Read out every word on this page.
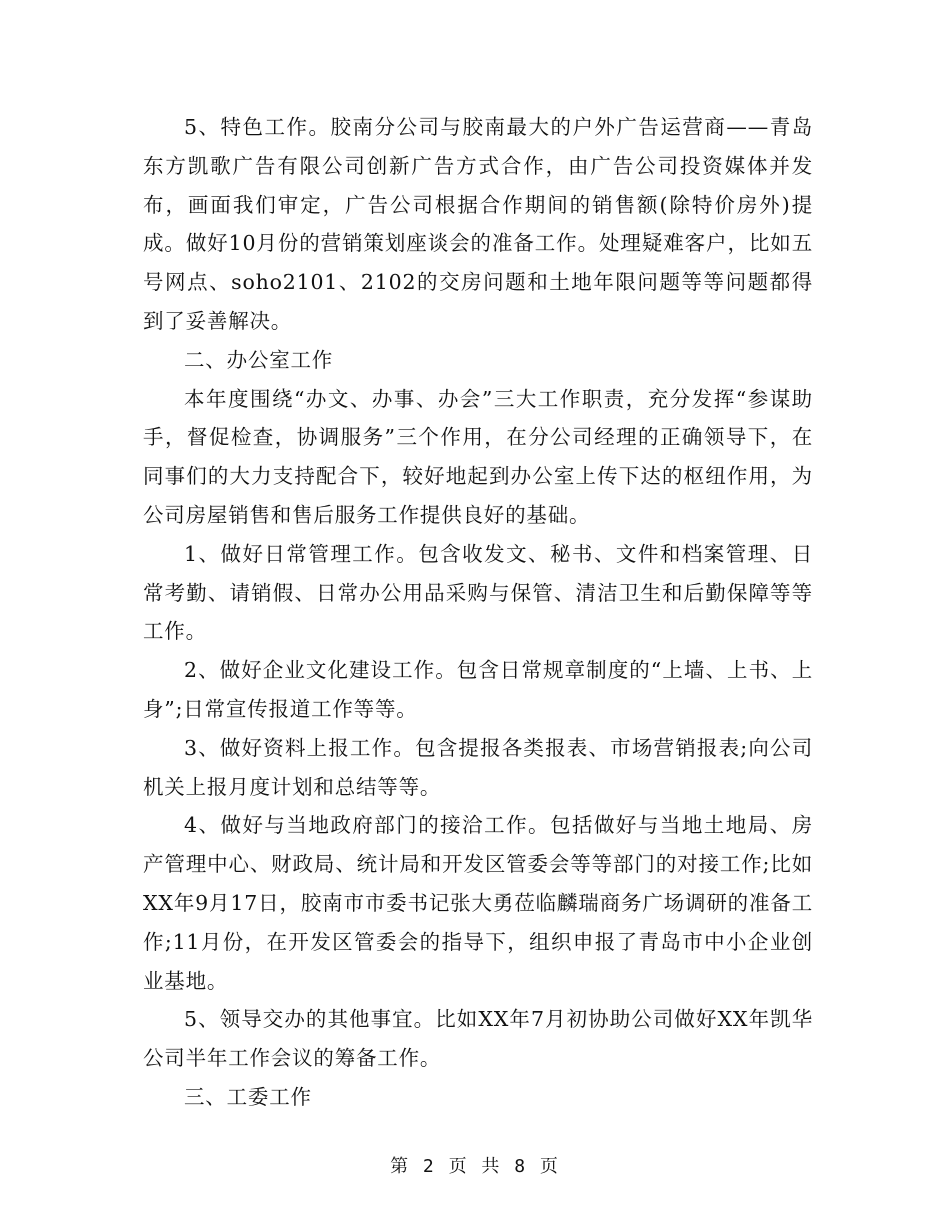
5、特色工作。胶南分公司与胶南最大的户外广告运营商——青岛东方凯歌广告有限公司创新广告方式合作，由广告公司投资媒体并发布，画面我们审定，广告公司根据合作期间的销售额(除特价房外)提成。做好10月份的营销策划座谈会的准备工作。处理疑难客户，比如五号网点、soho2101、2102的交房问题和土地年限问题等等问题都得到了妥善解决。

二、办公室工作

本年度围绕“办文、办事、办会”三大工作职责，充分发挥“参谋助手，督促检查，协调服务”三个作用，在分公司经理的正确领导下，在同事们的大力支持配合下，较好地起到办公室上传下达的枢纽作用，为公司房屋销售和售后服务工作提供良好的基础。

1、做好日常管理工作。包含收发文、秘书、文件和档案管理、日常考勤、请销假、日常办公用品采购与保管、清洁卫生和后勤保障等等工作。

2、做好企业文化建设工作。包含日常规章制度的“上墙、上书、上身”;日常宣传报道工作等等。

3、做好资料上报工作。包含提报各类报表、市场营销报表;向公司机关上报月度计划和总结等等。

4、做好与当地政府部门的接洽工作。包括做好与当地土地局、房产管理中心、财政局、统计局和开发区管委会等等部门的对接工作;比如XX年9月17日，胶南市市委书记张大勇莅临麟瑞商务广场调研的准备工作;11月份，在开发区管委会的指导下，组织申报了青岛市中小企业创业基地。

5、领导交办的其他事宜。比如XX年7月初协助公司做好XX年凯华公司半年工作会议的筹备工作。

三、工委工作

第 2 页 共 8 页
